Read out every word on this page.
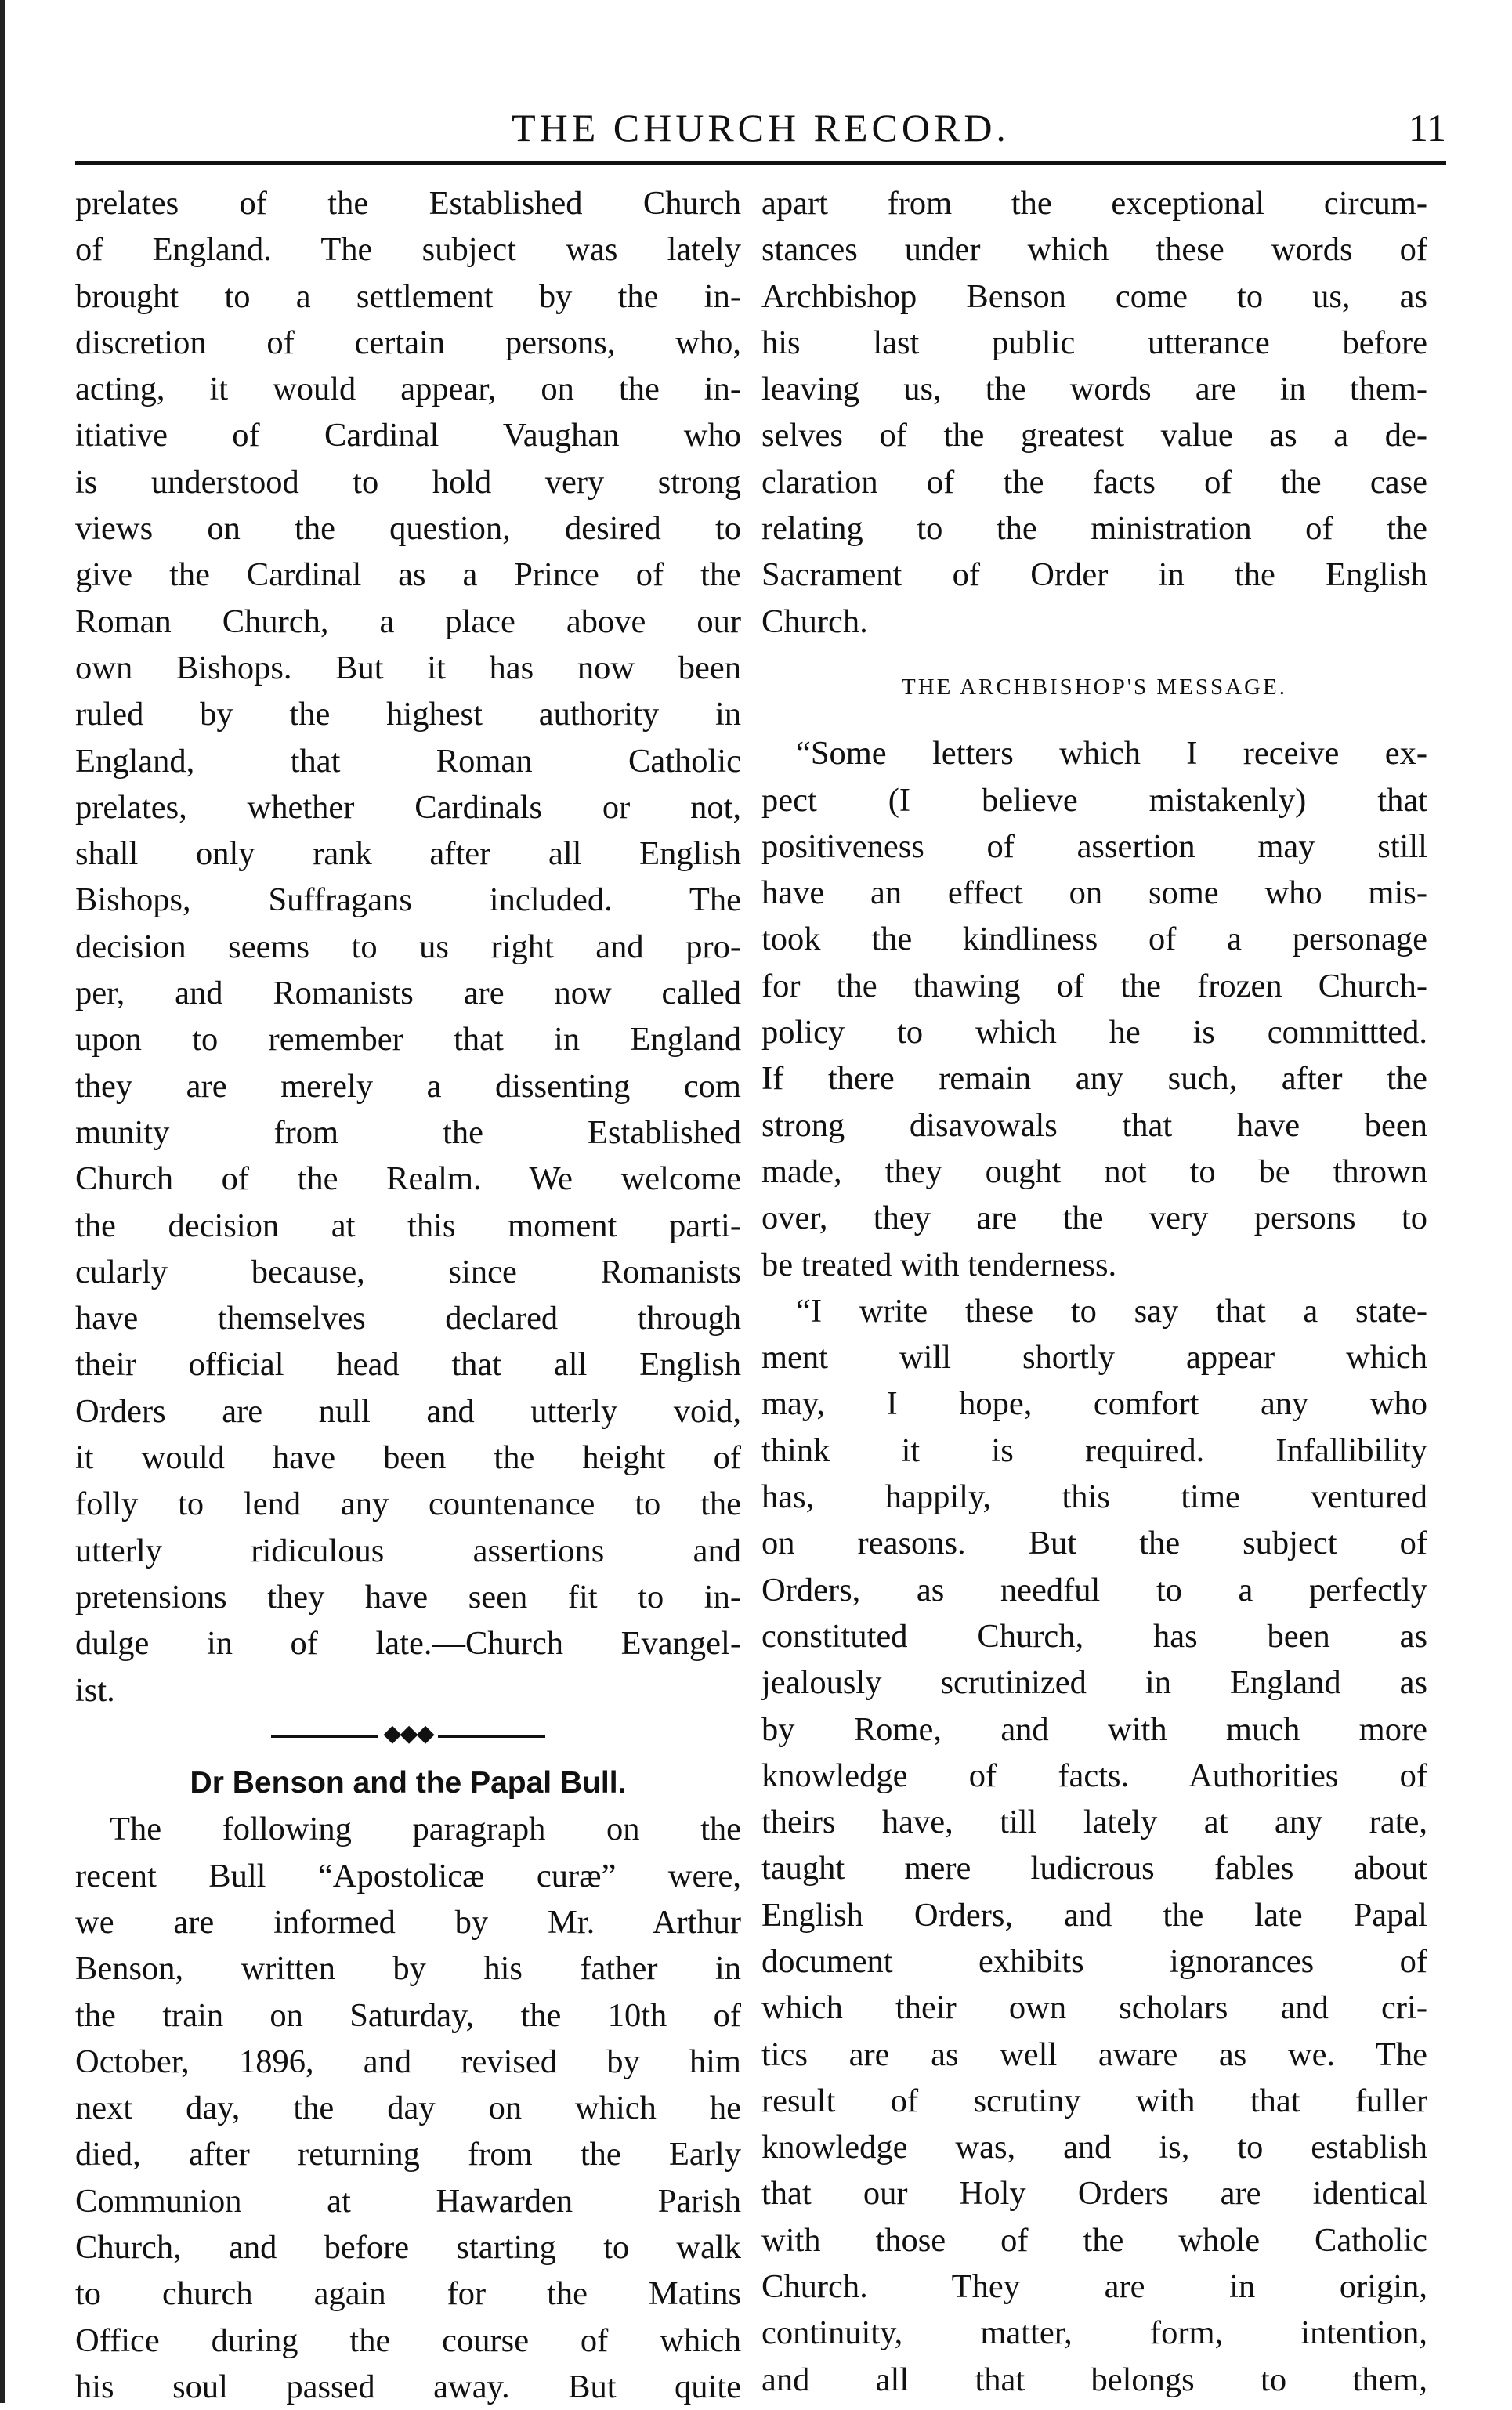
THE CHURCH RECORD.	11
prelates of the Established Church
of England. The subject was lately
brought to a settlement by the in-
discretion of certain persons, who,
acting, it would appear, on the in-
itiative of Cardinal Vaughan who
is understood to hold very strong
views on the question, desired to
give the Cardinal as a Prince of the
Roman Church, a place above our
own Bishops. But it has now been
ruled by the highest authority in
England, that Roman Catholic
prelates, whether Cardinals or not,
shall only rank after all English
Bishops, Suffragans included. The
decision seems to us right and pro-
per, and Romanists are now called
upon to remember that in England
they are merely a dissenting com
munity from the Established
Church of the Realm. We welcome
the decision at this moment parti-
cularly because, since Romanists
have themselves declared through
their official head that all English
Orders are null and utterly void,
it would have been the height of
folly to lend any countenance to the
utterly ridiculous assertions and
pretensions they have seen fit to in-
dulge in of late.—Church Evangel-
ist.
◆◆◆
Dr Benson and the Papal Bull.
The following paragraph on the
recent Bull “Apostolicæ curæ” were,
we are informed by Mr. Arthur
Benson, written by his father in
the train on Saturday, the 10th of
October, 1896, and revised by him
next day, the day on which he
died, after returning from the Early
Communion at Hawarden Parish
Church, and before starting to walk
to church again for the Matins
Office during the course of which
his soul passed away. But quite
apart from the exceptional circum-
stances under which these words of
Archbishop Benson come to us, as
his last public utterance before
leaving us, the words are in them-
selves of the greatest value as a de-
claration of the facts of the case
relating to the ministration of the
Sacrament of Order in the English
Church.
THE ARCHBISHOP'S MESSAGE.
“Some letters which I receive ex-
pect (I believe mistakenly) that
positiveness of assertion may still
have an effect on some who mis-
took the kindliness of a personage
for the thawing of the frozen Church-
policy to which he is committted.
If there remain any such, after the
strong disavowals that have been
made, they ought not to be thrown
over, they are the very persons to
be treated with tenderness.
“I write these to say that a state-
ment will shortly appear which
may, I hope, comfort any who
think it is required. Infallibility
has, happily, this time ventured
on reasons. But the subject of
Orders, as needful to a perfectly
constituted Church, has been as
jealously scrutinized in England as
by Rome, and with much more
knowledge of facts. Authorities of
theirs have, till lately at any rate,
taught mere ludicrous fables about
English Orders, and the late Papal
document exhibits ignorances of
which their own scholars and cri-
tics are as well aware as we. The
result of scrutiny with that fuller
knowledge was, and is, to establish
that our Holy Orders are identical
with those of the whole Catholic
Church. They are in origin,
continuity, matter, form, intention,
and all that belongs to them,
